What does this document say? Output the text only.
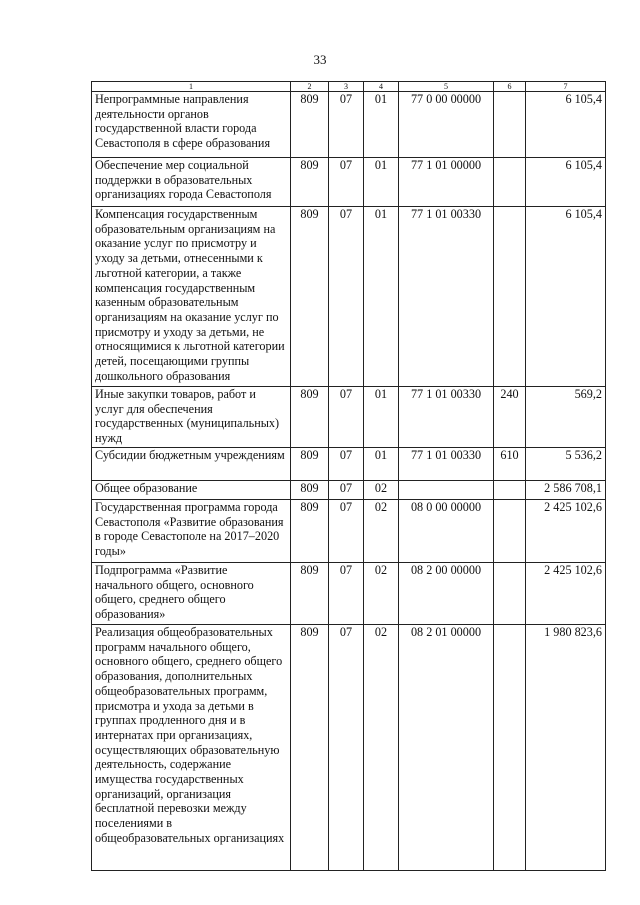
33
1	2	3	4	5	6	7
Непрограммные направления деятельности органов государственной власти города Севастополя в сфере образования	809	07	01	77 0 00 00000		6 105,4
Обеспечение мер социальной поддержки в образовательных организациях города Севастополя	809	07	01	77 1 01 00000		6 105,4
Компенсация государственным образовательным организациям на оказание услуг по присмотру и уходу за детьми, отнесенными к льготной категории, а также компенсация государственным казенным образовательным организациям на оказание услуг по присмотру и уходу за детьми, не относящимися к льготной категории детей, посещающими группы дошкольного образования	809	07	01	77 1 01 00330		6 105,4
Иные закупки товаров, работ и услуг для обеспечения государственных (муниципальных) нужд	809	07	01	77 1 01 00330	240	569,2
Субсидии бюджетным учреждениям	809	07	01	77 1 01 00330	610	5 536,2
Общее образование	809	07	02			2 586 708,1
Государственная программа города Севастополя «Развитие образования в городе Севастополе на 2017–2020 годы»	809	07	02	08 0 00 00000		2 425 102,6
Подпрограмма «Развитие начального общего, основного общего, среднего общего образования»	809	07	02	08 2 00 00000		2 425 102,6
Реализация общеобразовательных программ начального общего, основного общего, среднего общего образования, дополнительных общеобразовательных программ, присмотра и ухода за детьми в группах продленного дня и в интернатах при организациях, осуществляющих образовательную деятельность, содержание имущества государственных организаций, организация бесплатной перевозки между поселениями в общеобразовательных организациях	809	07	02	08 2 01 00000		1 980 823,6
